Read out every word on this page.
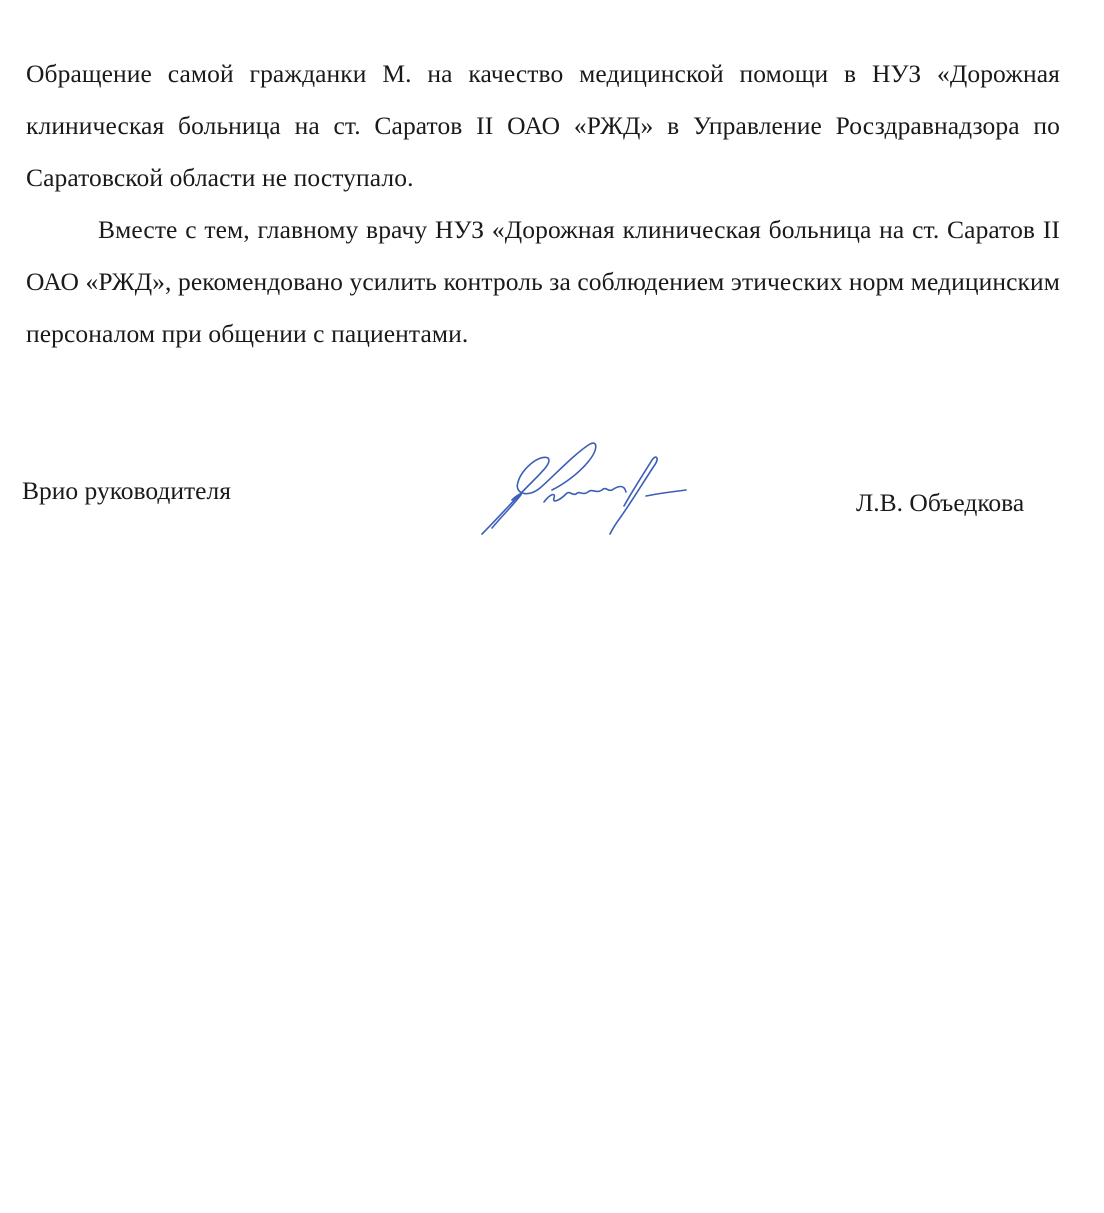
Обращение самой гражданки М. на качество медицинской помощи в НУЗ «Дорожная клиническая больница на ст. Саратов II ОАО «РЖД» в Управление Росздравнадзора по Саратовской области не поступало.

Вместе с тем, главному врачу НУЗ «Дорожная клиническая больница на ст. Саратов II ОАО «РЖД», рекомендовано усилить контроль за соблюдением этических норм медицинским персоналом при общении с пациентами.

Врио руководителя	Л.В. Объедкова
